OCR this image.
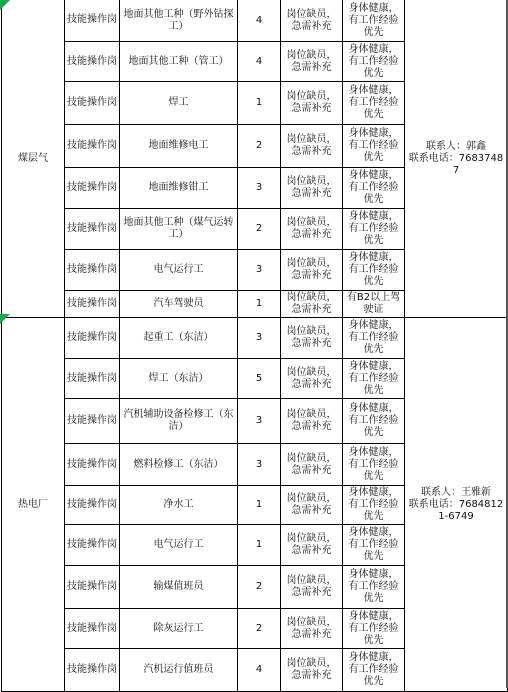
煤层气	技能操作岗	地面其他工种（野外钻探工）	4	岗位缺员，急需补充	身体健康，有工作经验优先	联系人：郭鑫
联系电话：76837487

	技能操作岗	地面其他工种（管工）	4	岗位缺员，急需补充	身体健康，有工作经验优先	
	技能操作岗	焊工	1	岗位缺员，急需补充	身体健康，有工作经验优先	
	技能操作岗	地面维修电工	2	岗位缺员，急需补充	身体健康，有工作经验优先	
	技能操作岗	地面维修钳工	3	岗位缺员，急需补充	身体健康，有工作经验优先	
	技能操作岗	地面其他工种（煤气运转工）	2	岗位缺员，急需补充	身体健康，有工作经验优先	
	技能操作岗	电气运行工	3	岗位缺员，急需补充	身体健康，有工作经验优先	
	技能操作岗	汽车驾驶员	1	岗位缺员，急需补充	有B2以上驾驶证	
热电厂	技能操作岗	起重工（东洁）	3	岗位缺员，急需补充	身体健康，有工作经验优先	联系人：王雅新
联系电话：76848121-6749

	技能操作岗	焊工（东洁）	5	岗位缺员，急需补充	身体健康，有工作经验优先	
	技能操作岗	汽机辅助设备检修工（东洁）	3	岗位缺员，急需补充	身体健康，有工作经验优先	
	技能操作岗	燃料检修工（东洁）	3	岗位缺员，急需补充	身体健康，有工作经验优先	
	技能操作岗	净水工	1	岗位缺员，急需补充	身体健康，有工作经验优先	
	技能操作岗	电气运行工	1	岗位缺员，急需补充	身体健康，有工作经验优先	
	技能操作岗	输煤值班员	2	岗位缺员，急需补充	身体健康，有工作经验优先	
	技能操作岗	除灰运行工	2	岗位缺员，急需补充	身体健康，有工作经验优先	
	技能操作岗	汽机运行值班员	4	岗位缺员，急需补充	身体健康，有工作经验优先	
